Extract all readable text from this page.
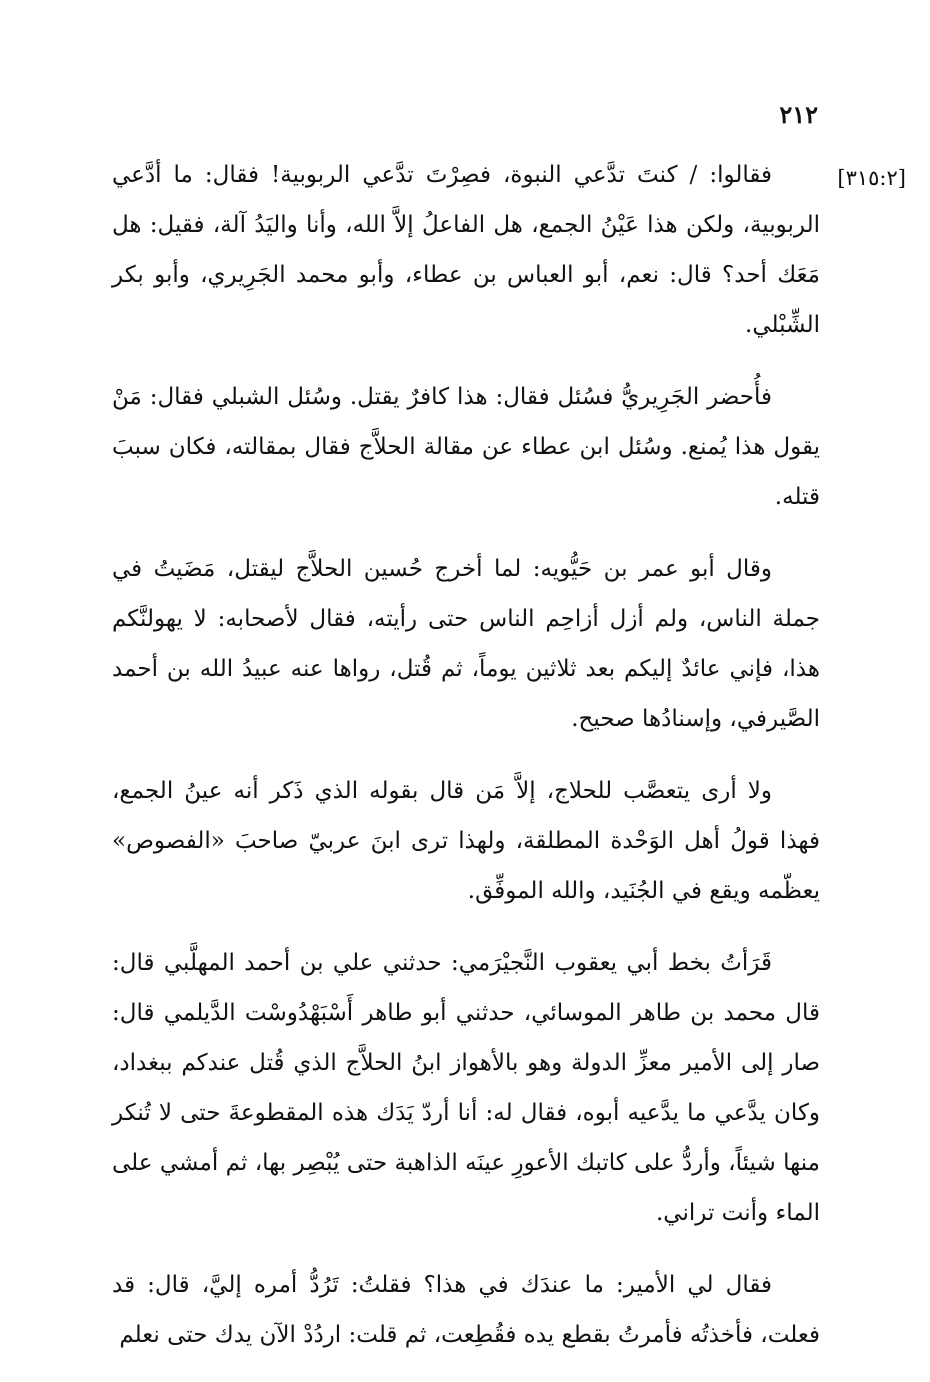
٢١٢
[٣١٥:٢]

فقالوا: / كنتَ تدَّعي النبوة، فصِرْتَ تدَّعي الربوبية! فقال: ما أدَّعي الربوبية، ولكن هذا عَيْنُ الجمع، هل الفاعلُ إلاَّ الله، وأنا واليَدُ آلة، فقيل: هل مَعَك أحد؟ قال: نعم، أبو العباس بن عطاء، وأبو محمد الجَرِيري، وأبو بكر الشِّبْلي.

فأُحضر الجَرِيريُّ فسُئل فقال: هذا كافرٌ يقتل. وسُئل الشبلي فقال: مَنْ يقول هذا يُمنع. وسُئل ابن عطاء عن مقالة الحلاَّج فقال بمقالته، فكان سببَ قتله.

وقال أبو عمر بن حَيُّويه: لما أخرج حُسين الحلاَّج ليقتل، مَضَيتُ في جملة الناس، ولم أزل أزاحِم الناس حتى رأيته، فقال لأصحابه: لا يهولنَّكم هذا، فإني عائدٌ إليكم بعد ثلاثين يوماً، ثم قُتل، رواها عنه عبيدُ الله بن أحمد الصَّيرفي، وإسنادُها صحيح.

ولا أرى يتعصَّب للحلاج، إلاَّ مَن قال بقوله الذي ذَكر أنه عينُ الجمع، فهذا قولُ أهل الوَحْدة المطلقة، ولهذا ترى ابنَ عربيّ صاحبَ «الفصوص» يعظّمه ويقع في الجُنَيد، والله الموفِّق.

قَرَأتُ بخط أبي يعقوب النَّجيْرَمي: حدثني علي بن أحمد المهلَّبي قال: قال محمد بن طاهر الموسائي، حدثني أبو طاهر أَسْبَهْدُوسْت الدَّيلمي قال: صار إلى الأمير معزِّ الدولة وهو بالأهواز ابنُ الحلاَّج الذي قُتل عندكم ببغداد، وكان يدَّعي ما يدَّعيه أبوه، فقال له: أنا أردّ يَدَك هذه المقطوعةَ حتى لا تُنكر منها شيئاً، وأردُّ على كاتبك الأعورِ عينَه الذاهبة حتى يُبْصِر بها، ثم أمشي على الماء وأنت تراني.

فقال لي الأمير: ما عندَك في هذا؟ فقلتُ: تَرُدُّ أمره إليَّ، قال: قد فعلت، فأخذتُه فأمرتُ بقطع يده فقُطِعت، ثم قلت: اردُدْ الآن يدك حتى نعلم
